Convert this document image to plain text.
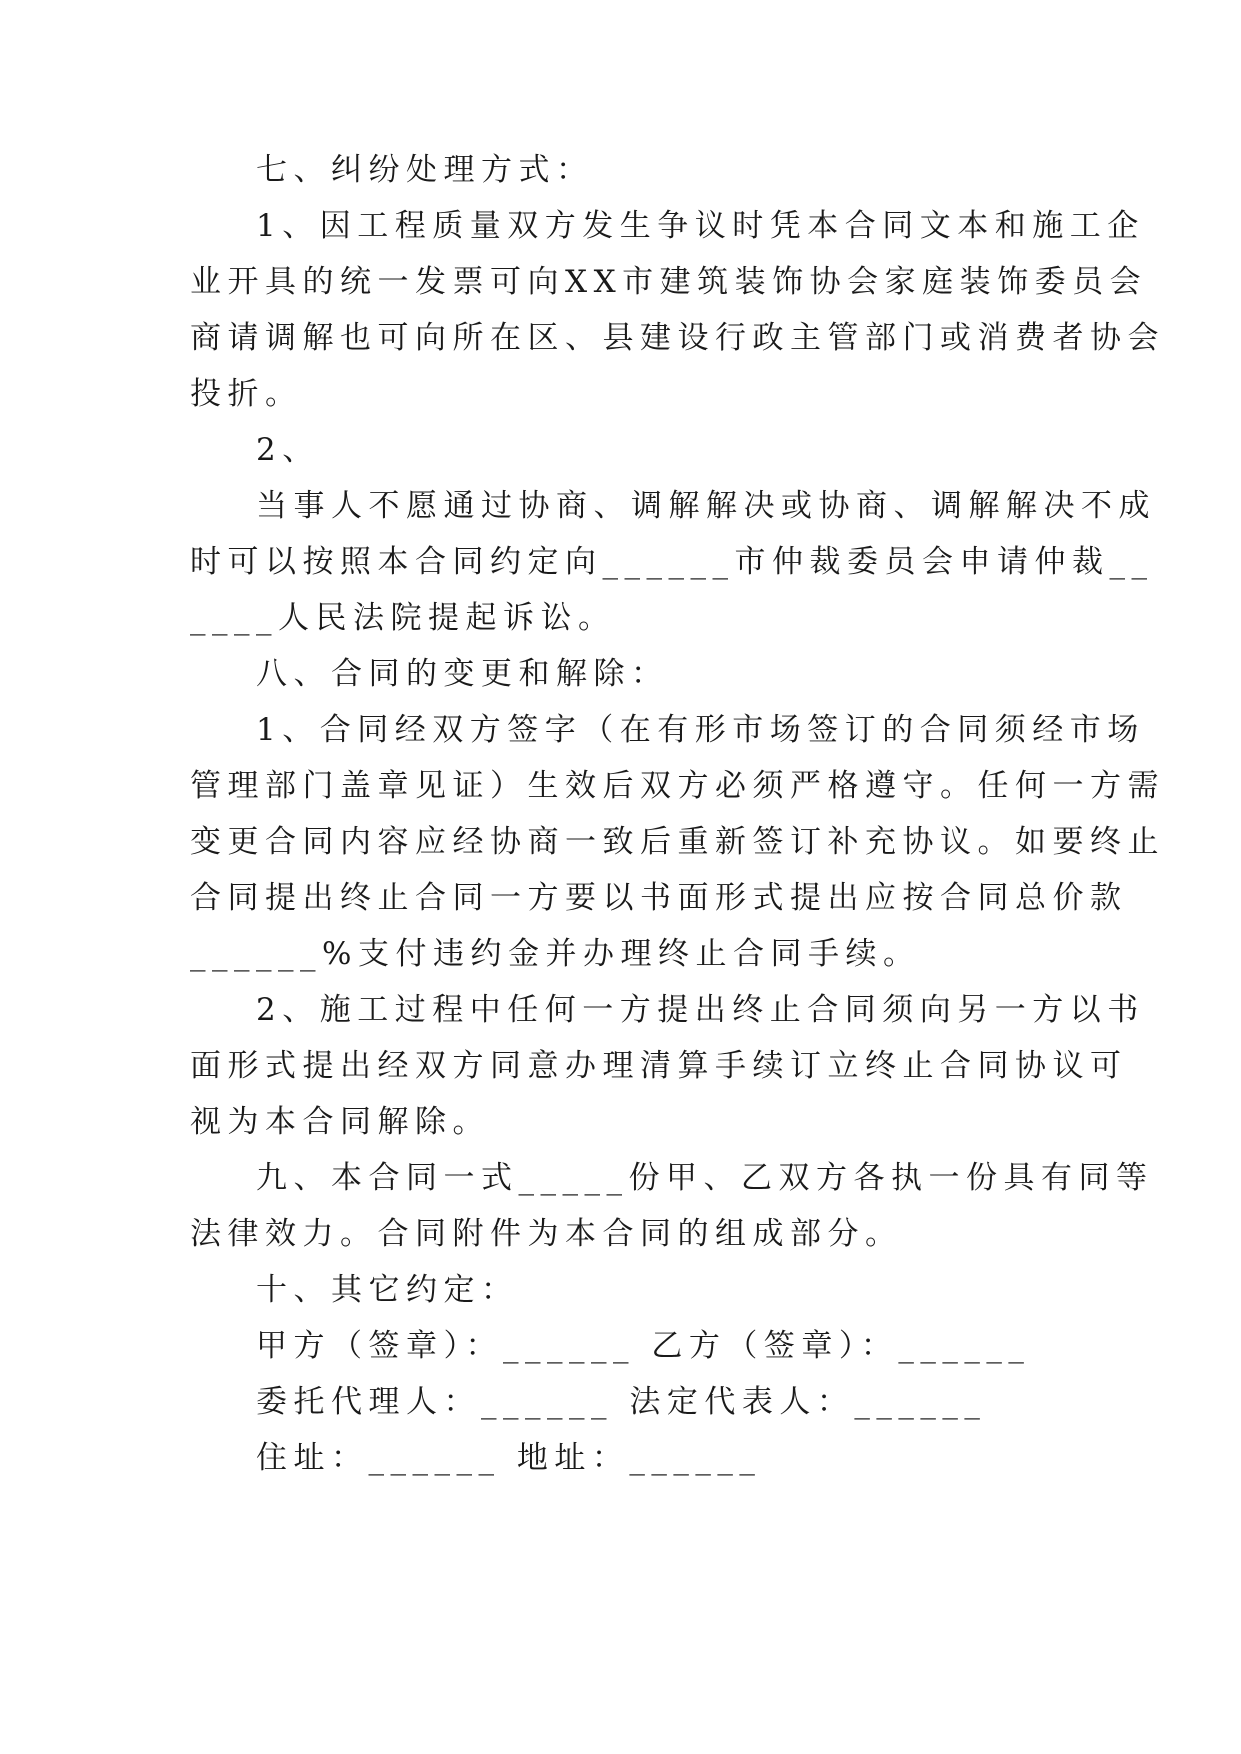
七、纠纷处理方式：
1、因工程质量双方发生争议时凭本合同文本和施工企
业开具的统一发票可向XX市建筑装饰协会家庭装饰委员会
商请调解也可向所在区、县建设行政主管部门或消费者协会
投折。
2、
当事人不愿通过协商、调解解决或协商、调解解决不成
时可以按照本合同约定向______市仲裁委员会申请仲裁__
____人民法院提起诉讼。
八、合同的变更和解除：
1、合同经双方签字（在有形市场签订的合同须经市场
管理部门盖章见证）生效后双方必须严格遵守。任何一方需
变更合同内容应经协商一致后重新签订补充协议。如要终止
合同提出终止合同一方要以书面形式提出应按合同总价款
______%支付违约金并办理终止合同手续。
2、施工过程中任何一方提出终止合同须向另一方以书
面形式提出经双方同意办理清算手续订立终止合同协议可
视为本合同解除。
九、本合同一式_____份甲、乙双方各执一份具有同等
法律效力。合同附件为本合同的组成部分。
十、其它约定：
甲方（签章）：______ 乙方（签章）：______
委托代理人：______ 法定代表人：______
住址：______ 地址：______
